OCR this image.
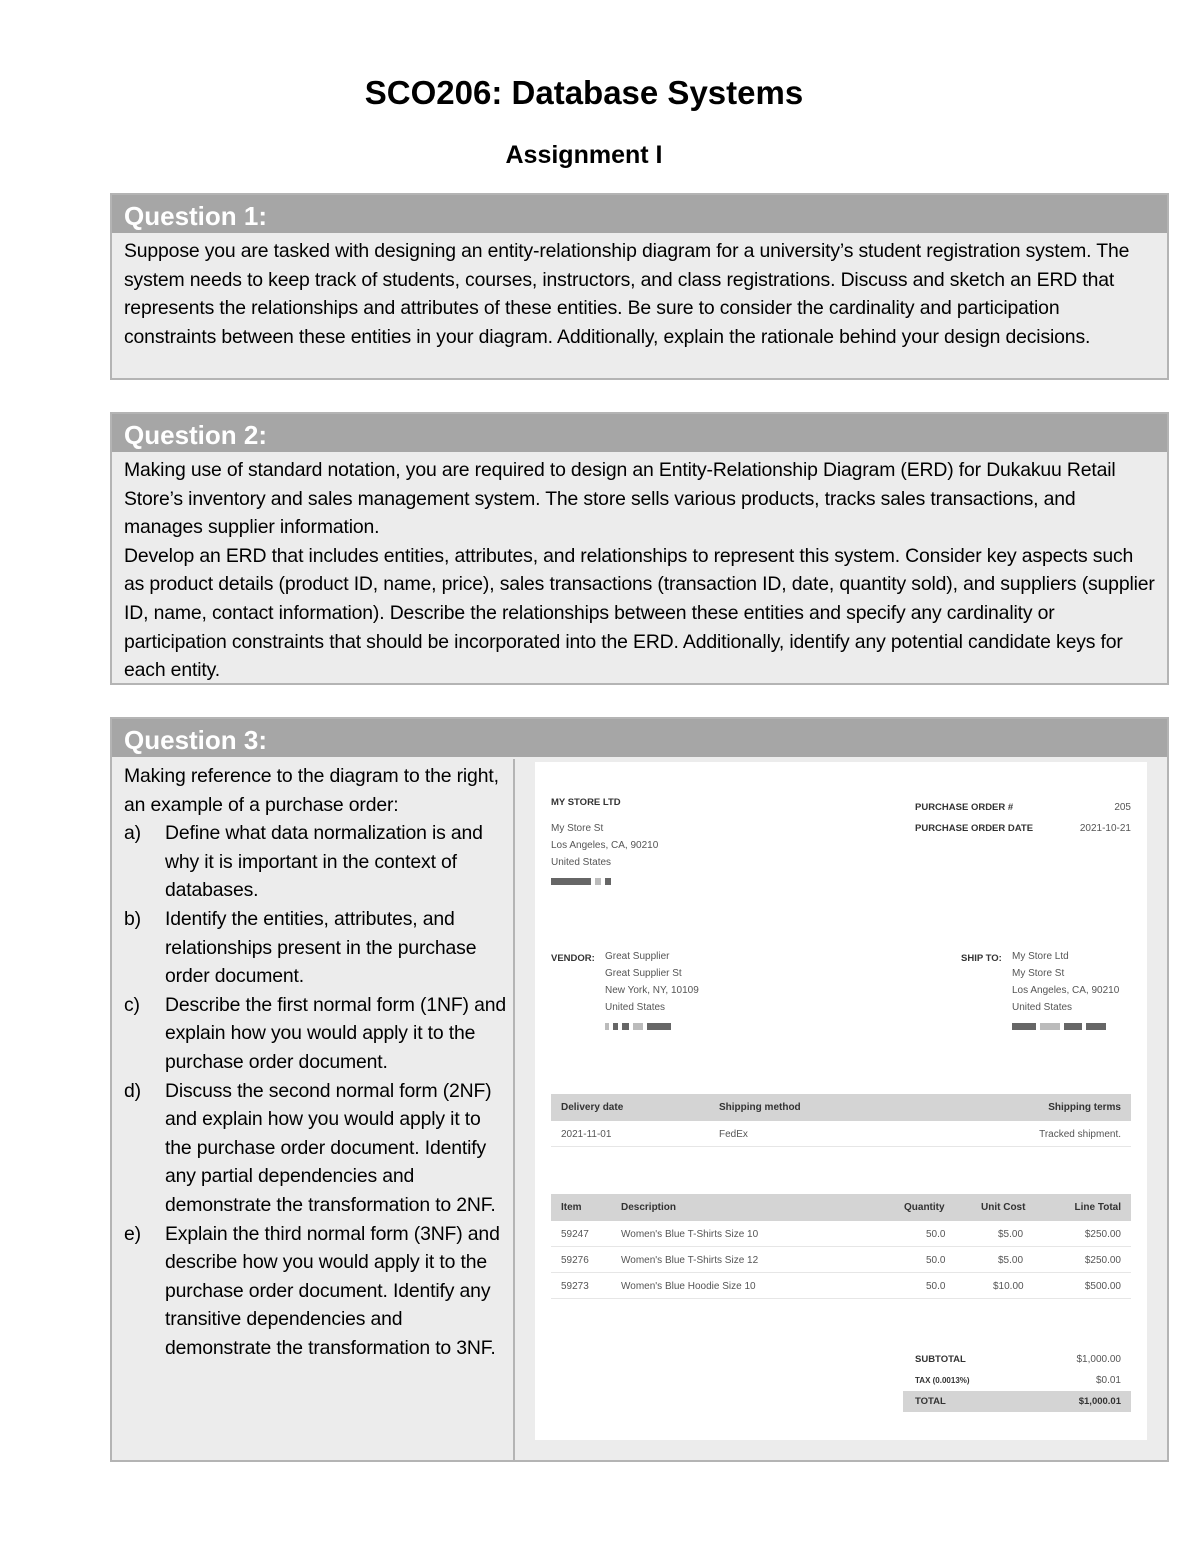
SCO206: Database Systems
Assignment I
Question 1:

Suppose you are tasked with designing an entity-relationship diagram for a university’s student registration system. The system needs to keep track of students, courses, instructors, and class registrations. Discuss and sketch an ERD that represents the relationships and attributes of these entities. Be sure to consider the cardinality and participation constraints between these entities in your diagram. Additionally, explain the rationale behind your design decisions.

Question 2:

Making use of standard notation, you are required to design an Entity-Relationship Diagram (ERD) for Dukakuu Retail Store’s inventory and sales management system. The store sells various products, tracks sales transactions, and manages supplier information.

Develop an ERD that includes entities, attributes, and relationships to represent this system. Consider key aspects such as product details (product ID, name, price), sales transactions (transaction ID, date, quantity sold), and suppliers (supplier ID, name, contact information). Describe the relationships between these entities and specify any cardinality or participation constraints that should be incorporated into the ERD. Additionally, identify any potential candidate keys for each entity.

Question 3:

Making reference to the diagram to the right, an example of a purchase order:

a)	Define what data normalization is and why it is important in the context of databases.
b)	Identify the entities, attributes, and relationships present in the purchase order document.
c)	Describe the first normal form (1NF) and explain how you would apply it to the purchase order document.
d)	Discuss the second normal form (2NF) and explain how you would apply it to the purchase order document. Identify any partial dependencies and demonstrate the transformation to 2NF.
e)	Explain the third normal form (3NF) and describe how you would apply it to the purchase order document. Identify any transitive dependencies and demonstrate the transformation to 3NF.
MY STORE LTD
My Store St
Los Angeles, CA, 90210
United States
PURCHASE ORDER #	205
PURCHASE ORDER DATE	2021-10-21
VENDOR: Great Supplier
Great Supplier St
New York, NY, 10109
United States
SHIP TO: My Store Ltd
My Store St
Los Angeles, CA, 90210
United States
Delivery date	Shipping method	Shipping terms
2021-11-01	FedEx	Tracked shipment.
Item	Description	Quantity	Unit Cost	Line Total
59247	Women's Blue T-Shirts Size 10	50.0	$5.00	$250.00
59276	Women's Blue T-Shirts Size 12	50.0	$5.00	$250.00
59273	Women's Blue Hoodie Size 10	50.0	$10.00	$500.00
SUBTOTAL	$1,000.00
TAX (0.0013%)	$0.01
TOTAL	$1,000.01
